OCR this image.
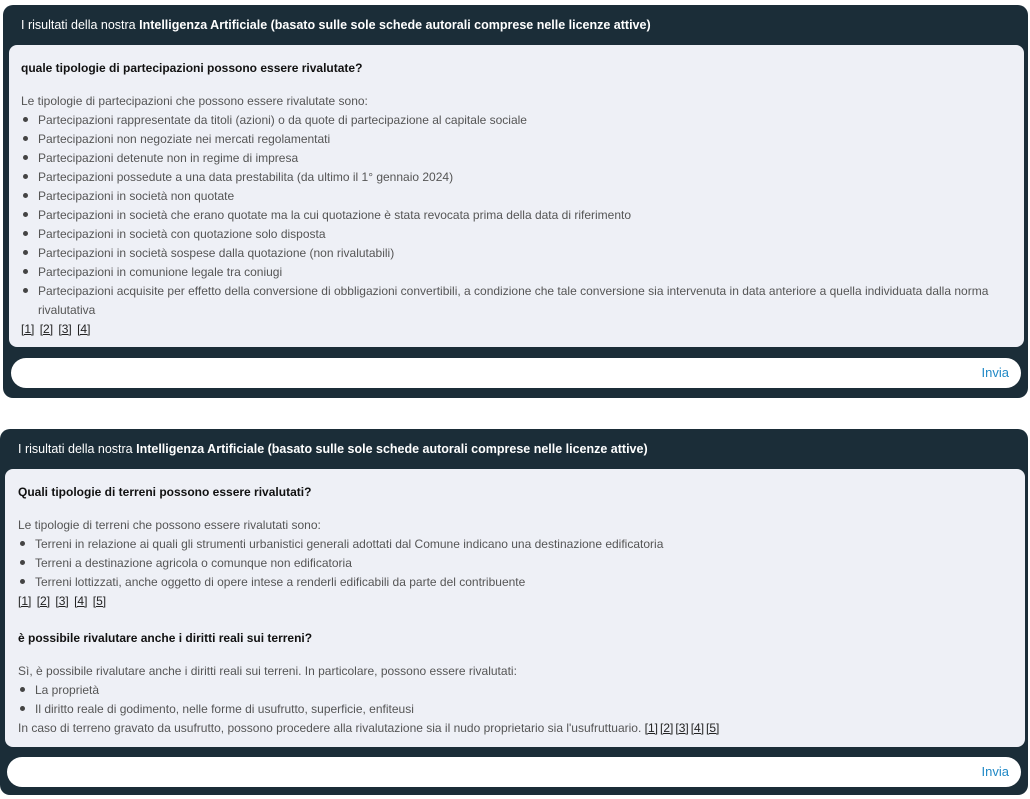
I risultati della nostra Intelligenza Artificiale (basato sulle sole schede autorali comprese nelle licenze attive)

quale tipologie di partecipazioni possono essere rivalutate?

Le tipologie di partecipazioni che possono essere rivalutate sono:
Partecipazioni rappresentate da titoli (azioni) o da quote di partecipazione al capitale sociale
Partecipazioni non negoziate nei mercati regolamentati
Partecipazioni detenute non in regime di impresa
Partecipazioni possedute a una data prestabilita (da ultimo il 1° gennaio 2024)
Partecipazioni in società non quotate
Partecipazioni in società che erano quotate ma la cui quotazione è stata revocata prima della data di riferimento
Partecipazioni in società con quotazione solo disposta
Partecipazioni in società sospese dalla quotazione (non rivalutabili)
Partecipazioni in comunione legale tra coniugi
Partecipazioni acquisite per effetto della conversione di obbligazioni convertibili, a condizione che tale conversione sia intervenuta in data anteriore a quella individuata dalla norma rivalutativa
[1] [2] [3] [4]
Invia
I risultati della nostra Intelligenza Artificiale (basato sulle sole schede autorali comprese nelle licenze attive)

Quali tipologie di terreni possono essere rivalutati?

Le tipologie di terreni che possono essere rivalutati sono:
Terreni in relazione ai quali gli strumenti urbanistici generali adottati dal Comune indicano una destinazione edificatoria
Terreni a destinazione agricola o comunque non edificatoria
Terreni lottizzati, anche oggetto di opere intese a renderli edificabili da parte del contribuente
[1] [2] [3] [4] [5]

è possibile rivalutare anche i diritti reali sui terreni?

Sì, è possibile rivalutare anche i diritti reali sui terreni. In particolare, possono essere rivalutati:
La proprietà
Il diritto reale di godimento, nelle forme di usufrutto, superficie, enfiteusi
In caso di terreno gravato da usufrutto, possono procedere alla rivalutazione sia il nudo proprietario sia l'usufruttuario. [1] [2] [3] [4] [5]
Invia
